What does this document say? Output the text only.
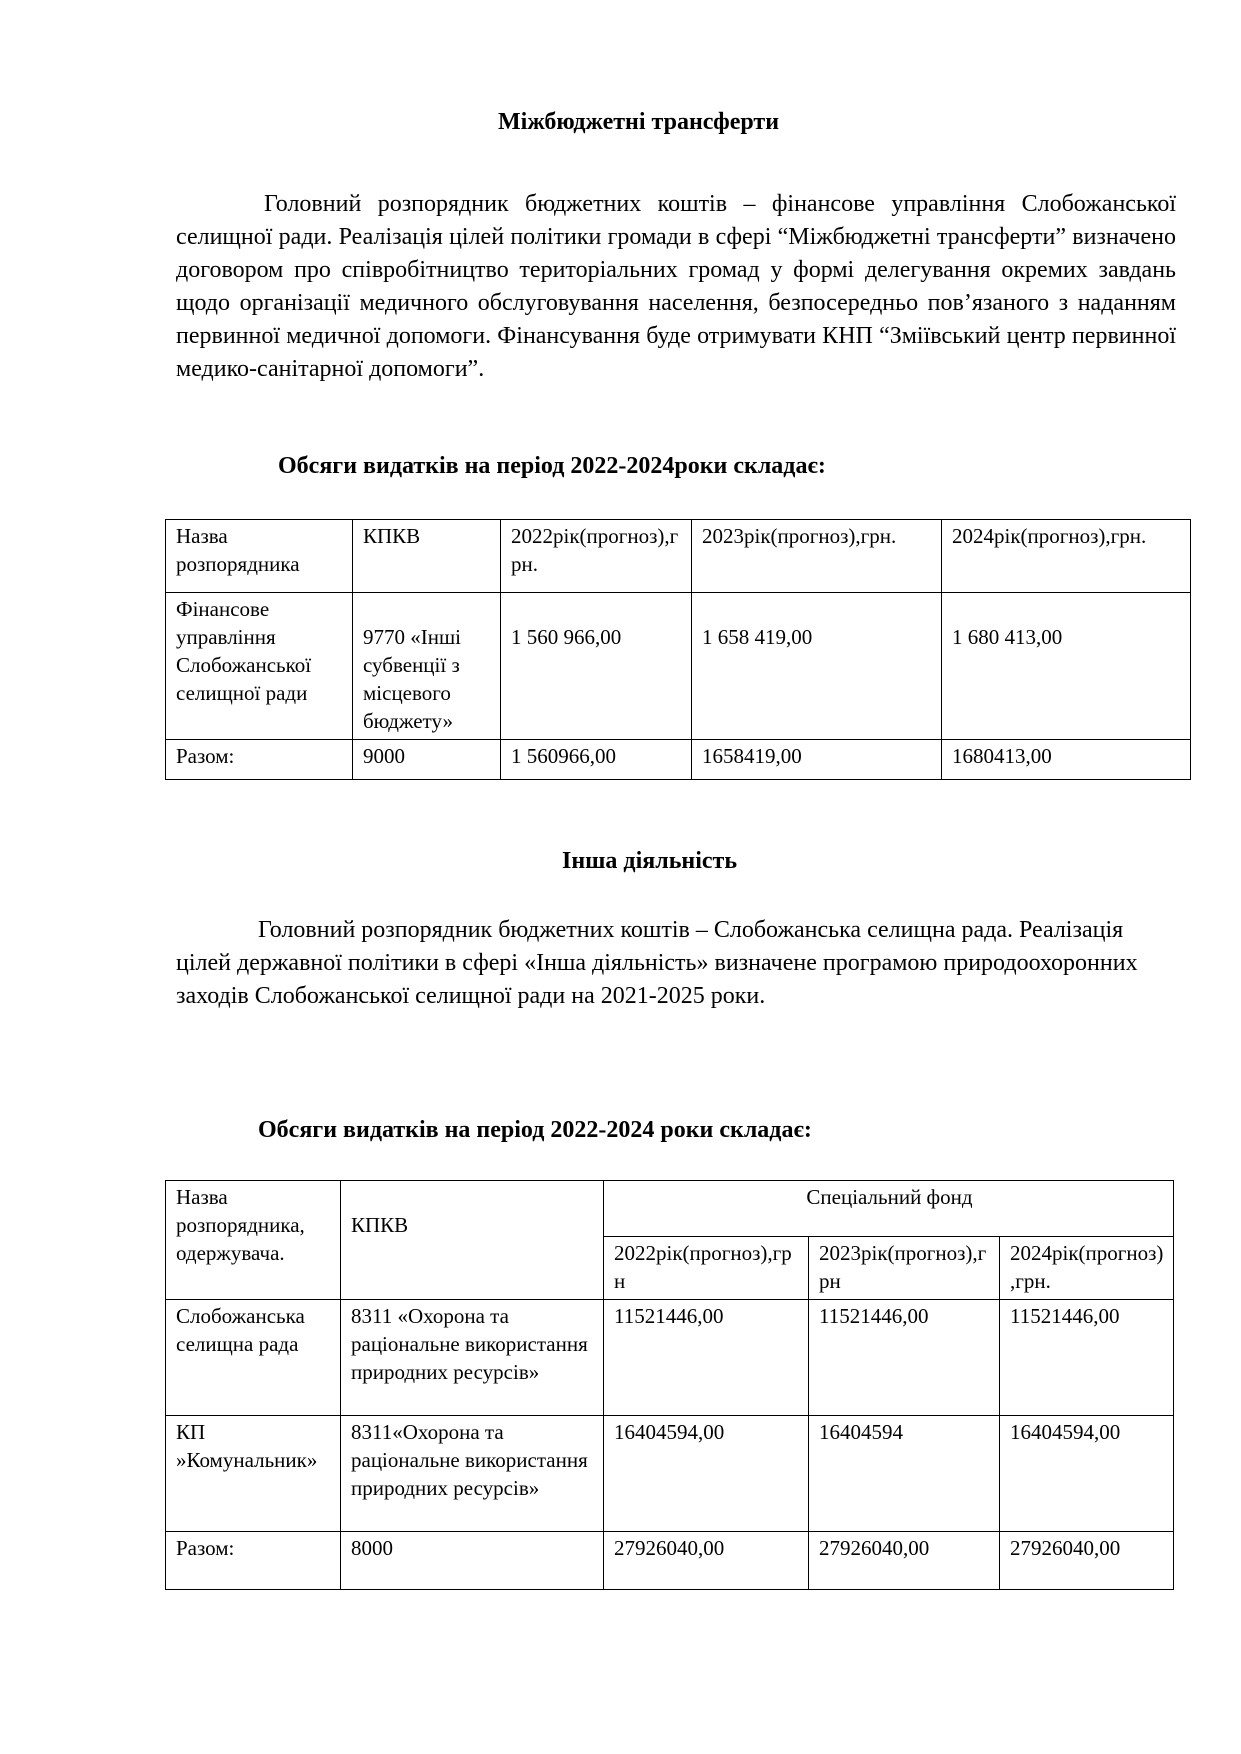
Міжбюджетні трансферти
Головний розпорядник бюджетних коштів – фінансове управління Слобожанської селищної ради. Реалізація цілей політики громади в сфері “Міжбюджетні трансферти” визначено договором про співробітництво територіальних громад у формі делегування окремих завдань щодо організації медичного обслуговування населення, безпосередньо пов’язаного з наданням первинної медичної допомоги. Фінансування буде отримувати КНП “Зміївський центр первинної медико-санітарної допомоги”.
Обсяги видатків на період 2022-2024роки складає:
Назва розпорядника	КПКВ	2022рік(прогноз),грн.	2023рік(прогноз),грн.	2024рік(прогноз),грн.
Фінансове управління Слобожанської селищної ради	9770 «Інші субвенції з місцевого бюджету»	1 560 966,00	1 658 419,00	1 680 413,00
Разом:	9000	1 560966,00	1658419,00	1680413,00
Інша діяльність
Головний розпорядник бюджетних коштів – Слобожанська селищна рада. Реалізація цілей державної політики в сфері «Інша діяльність» визначене програмою природоохоронних заходів Слобожанської селищної ради на 2021-2025 роки.
Обсяги видатків на період 2022-2024 роки складає:
Назва розпорядника, одержувача.	КПКВ	Спеціальний фонд		
		2022рік(прогноз),грн	2023рік(прогноз),грн	2024рік(прогноз),грн.
Слобожанська селищна рада	8311 «Охорона та раціональне використання природних ресурсів»	11521446,00	11521446,00	11521446,00
КП »Комунальник»	8311«Охорона та раціональне використання природних ресурсів»	16404594,00	16404594	16404594,00
Разом:	8000	27926040,00	27926040,00	27926040,00
